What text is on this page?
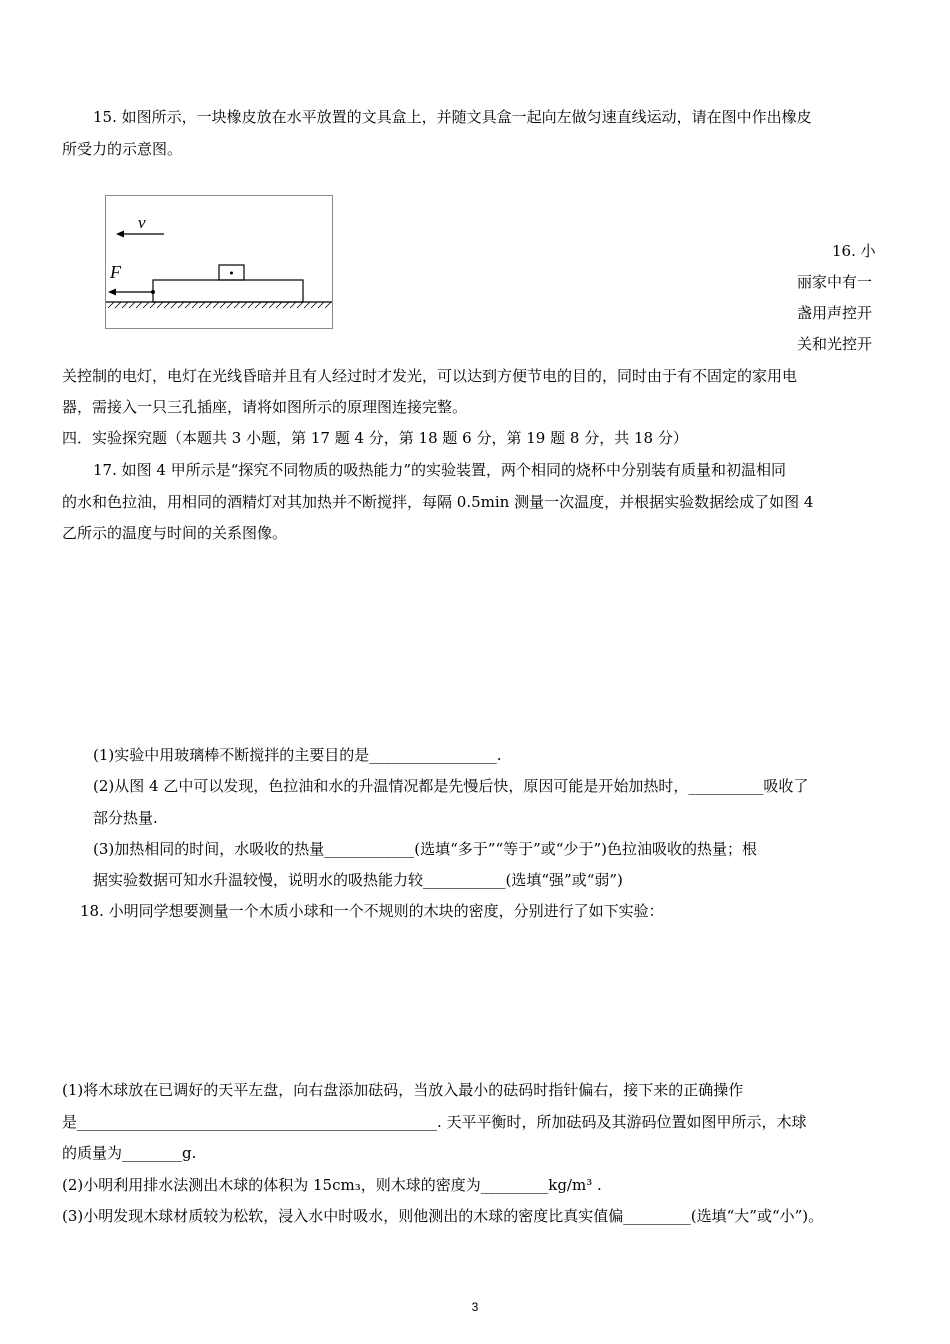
15. 如图所示，一块橡皮放在水平放置的文具盒上，并随文具盒一起向左做匀速直线运动，请在图中作出橡皮
所受力的示意图。
v
F
16. 小
丽家中有一
盏用声控开
关和光控开
关控制的电灯，电灯在光线昏暗并且有人经过时才发光，可以达到方便节电的目的，同时由于有不固定的家用电
器，需接入一只三孔插座，请将如图所示的原理图连接完整。
四．实验探究题（本题共 3 小题，第 17 题 4 分，第 18 题 6 分，第 19 题 8 分，共 18 分）
17. 如图 4 甲所示是“探究不同物质的吸热能力”的实验装置，两个相同的烧杯中分别装有质量和初温相同
的水和色拉油，用相同的酒精灯对其加热并不断搅拌，每隔 0.5min 测量一次温度，并根据实验数据绘成了如图 4
乙所示的温度与时间的关系图像。
(1)实验中用玻璃棒不断搅拌的主要目的是_________________.
(2)从图 4 乙中可以发现，色拉油和水的升温情况都是先慢后快，原因可能是开始加热时，__________吸收了
部分热量.
(3)加热相同的时间，水吸收的热量____________(选填“多于”“等于”或“少于”)色拉油吸收的热量；根
据实验数据可知水升温较慢，说明水的吸热能力较___________(选填“强”或“弱”)
18. 小明同学想要测量一个木质小球和一个不规则的木块的密度，分别进行了如下实验：
(1)将木球放在已调好的天平左盘，向右盘添加砝码，当放入最小的砝码时指针偏右，接下来的正确操作
是________________________________________________. 天平平衡时，所加砝码及其游码位置如图甲所示，木球
的质量为________g.
(2)小明利用排水法测出木球的体积为 15cm₃，则木球的密度为_________kg/m³ .
(3)小明发现木球材质较为松软，浸入水中时吸水，则他测出的木球的密度比真实值偏_________(选填“大”或“小”)。
3
